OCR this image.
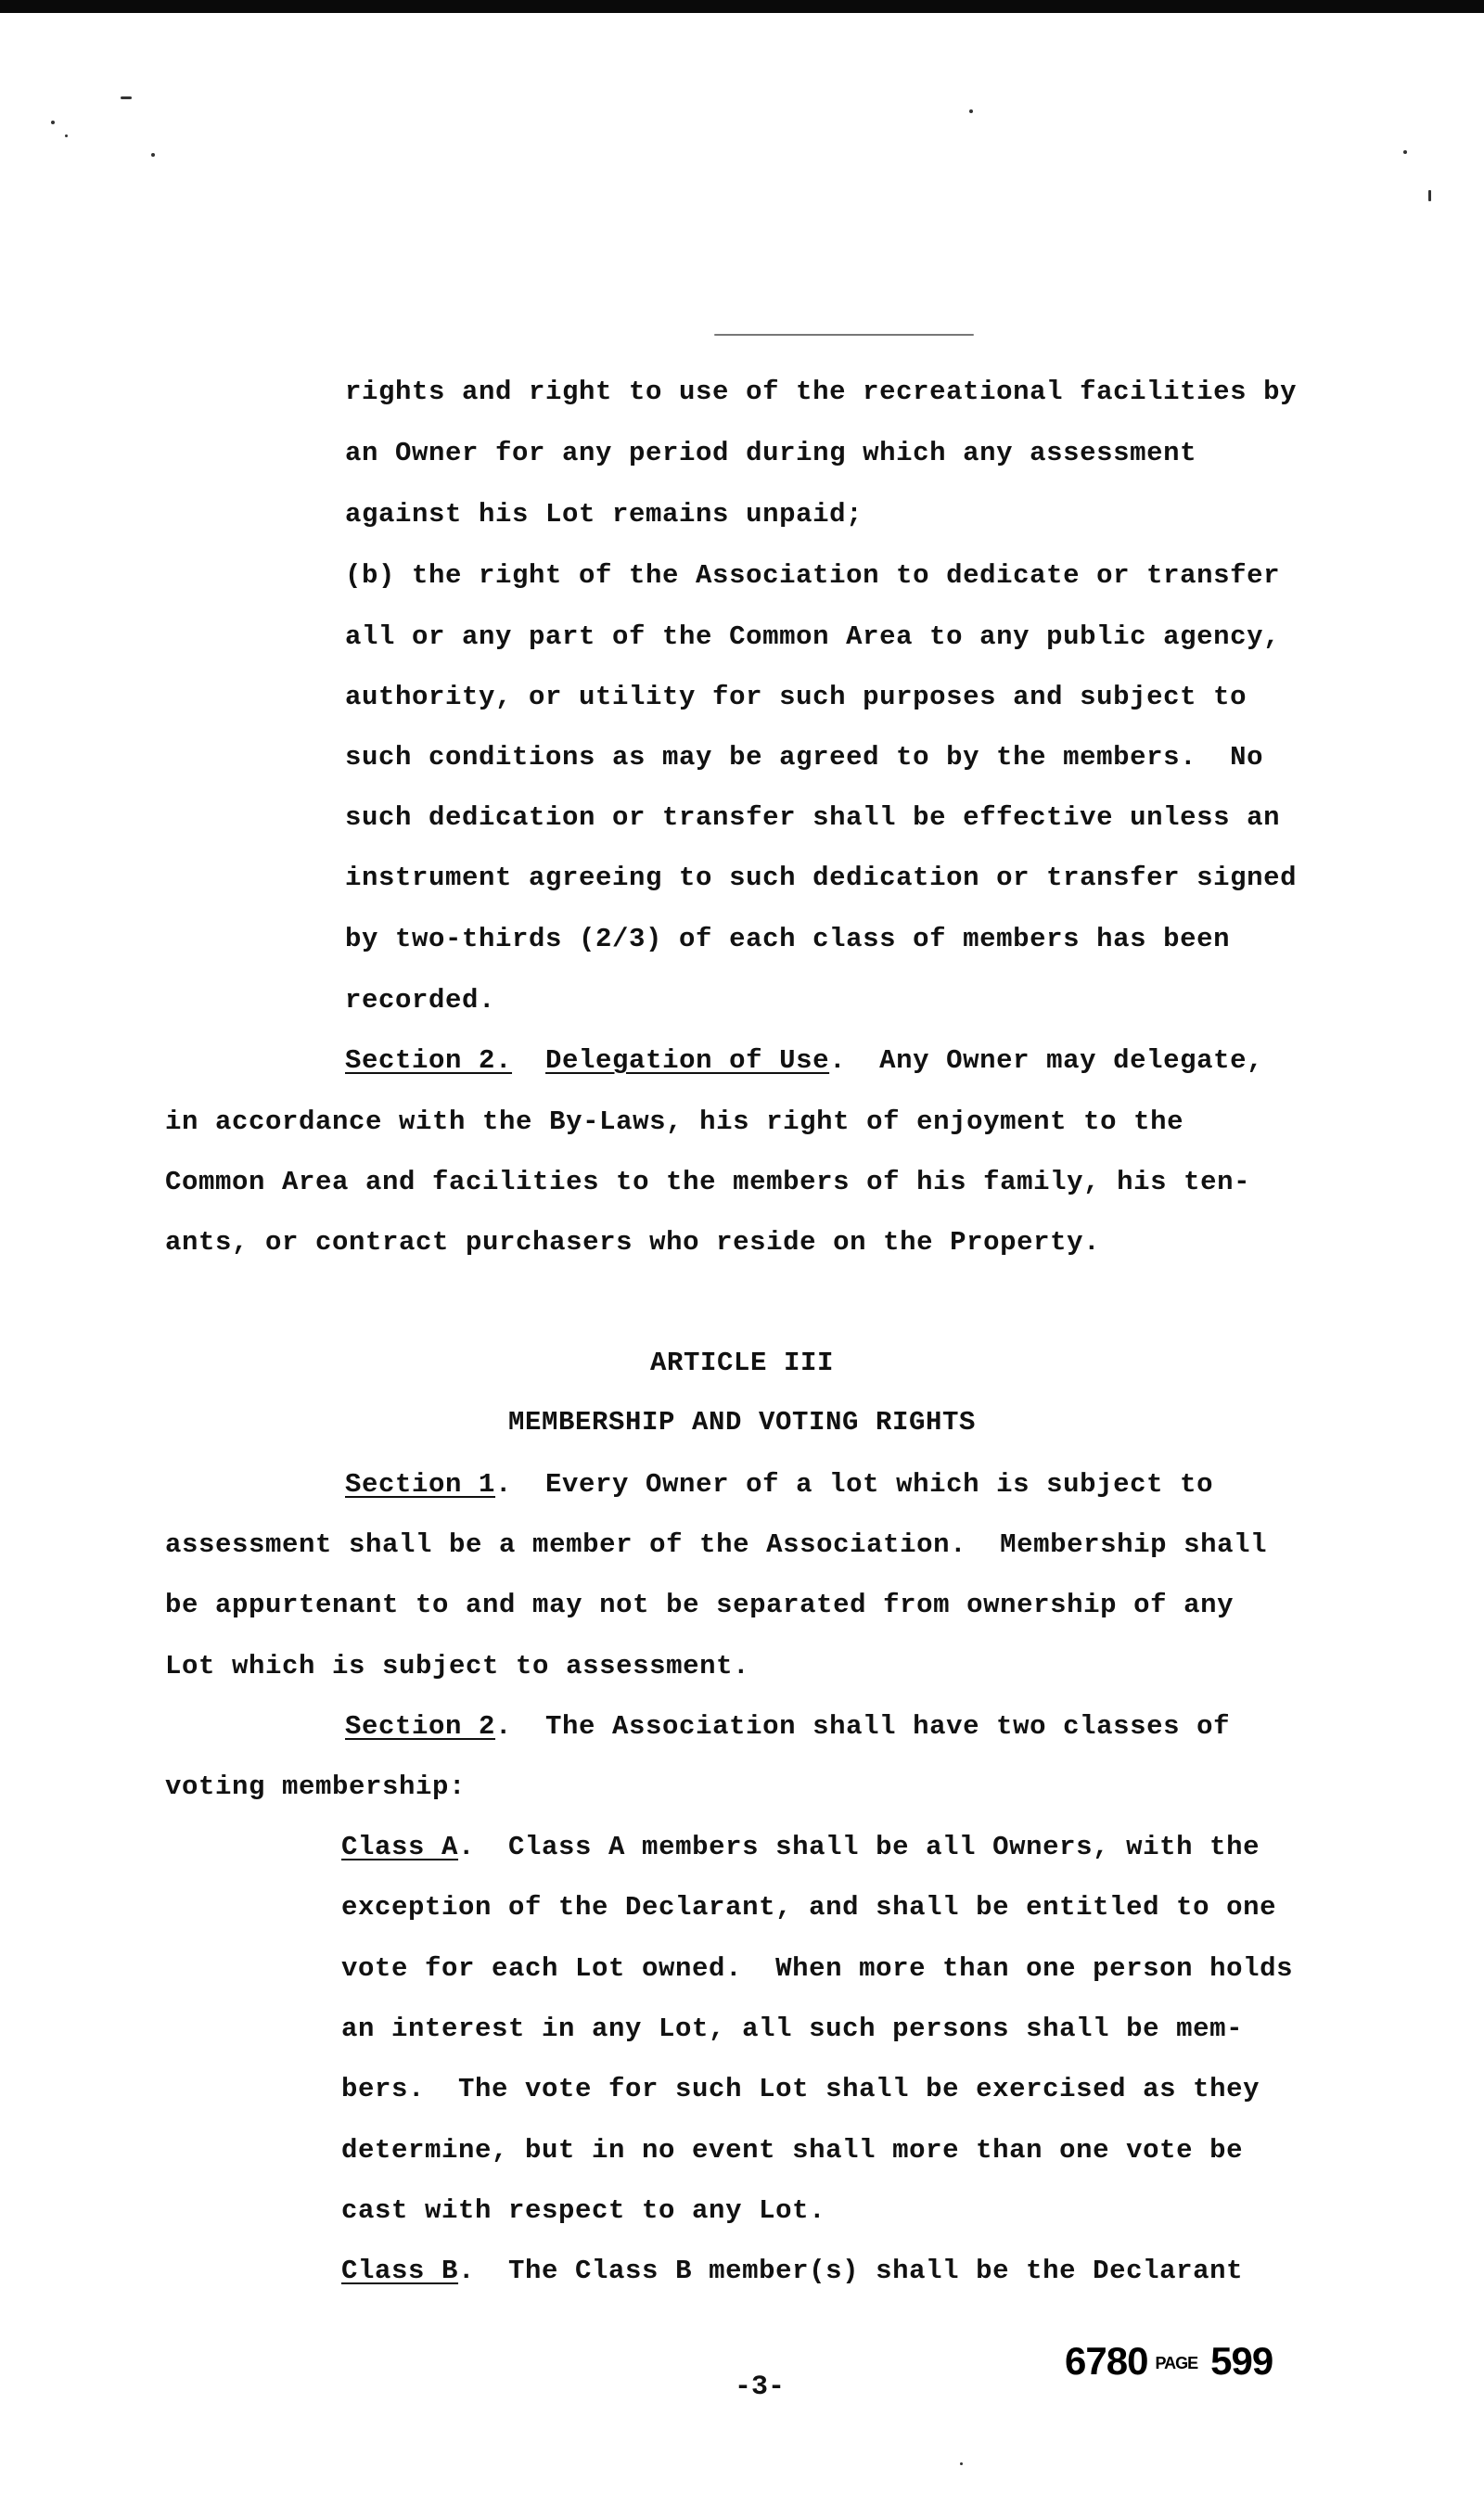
rights and right to use of the recreational facilities by
an Owner for any period during which any assessment
against his Lot remains unpaid;
(b) the right of the Association to dedicate or transfer
all or any part of the Common Area to any public agency,
authority, or utility for such purposes and subject to
such conditions as may be agreed to by the members.  No
such dedication or transfer shall be effective unless an
instrument agreeing to such dedication or transfer signed
by two-thirds (2/3) of each class of members has been
recorded.
Section 2. Delegation of Use.  Any Owner may delegate,
in accordance with the By-Laws, his right of enjoyment to the
Common Area and facilities to the members of his family, his ten-
ants, or contract purchasers who reside on the Property.
ARTICLE III
MEMBERSHIP AND VOTING RIGHTS
Section 1.  Every Owner of a lot which is subject to
assessment shall be a member of the Association.  Membership shall
be appurtenant to and may not be separated from ownership of any
Lot which is subject to assessment.
Section 2.  The Association shall have two classes of
voting membership:
Class A.  Class A members shall be all Owners, with the
exception of the Declarant, and shall be entitled to one
vote for each Lot owned.  When more than one person holds
an interest in any Lot, all such persons shall be mem-
bers.  The vote for such Lot shall be exercised as they
determine, but in no event shall more than one vote be
cast with respect to any Lot.
Class B.  The Class B member(s) shall be the Declarant
6780 PAGE 599
-3-
